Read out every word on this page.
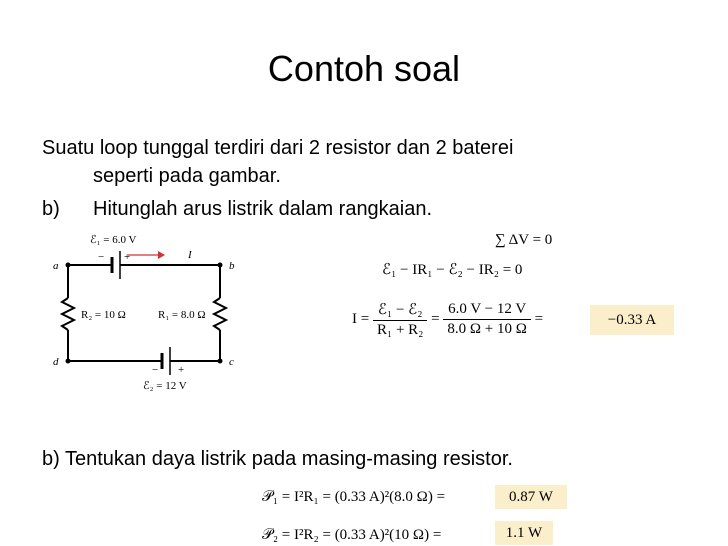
Contoh soal
Suatu loop tunggal terdiri dari 2 resistor dan 2 baterei
seperti pada gambar.
b) Hitunglah arus listrik dalam rangkaian.
a	b
c
d
I
ℰ₁ = 6.0 V
ℰ₂ = 12 V
R₂ = 10 Ω	R₁ = 8.0 Ω
− +
− +
∑ ΔV = 0
ℰ₁ − IR₁ − ℰ₂ − IR₂ = 0
$I = \frac{\text{ℰ₁ − ℰ₂}}{\text{R₁ + R₂}} = \frac{6.0 V - 12 V}{8.0 \Omega + 10 \Omega}$ =	−0.33 A
b) Tentukan daya listrik pada masing-masing resistor.
𝒫₁ = I²R₁ = (0.33 A)²(8.0 Ω) =	0.87 W
𝒫₂ = I²R₂ = (0.33 A)²(10 Ω) =	1.1 W
